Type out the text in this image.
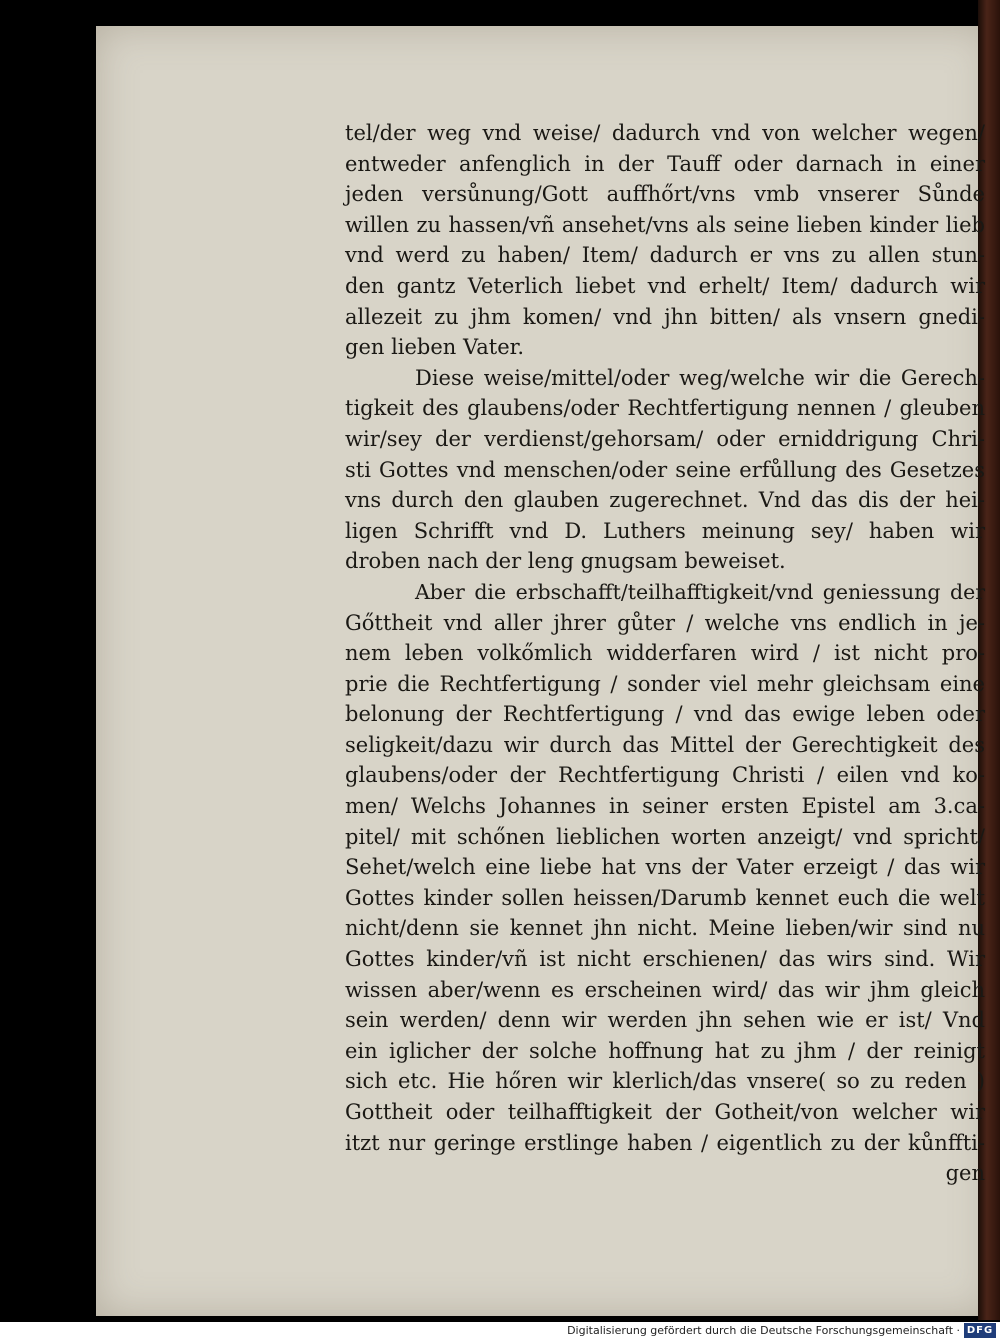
tel/der weg vnd weise/ dadurch vnd von welcher wegen/
entweder anfenglich in der Tauff oder darnach in einer
jeden versůnung/Gott auffhőrt/vns vmb vnserer Sůnde
willen zu hassen/vñ ansehet/vns als seine lieben kinder lieb
vnd werd zu haben/ Item/ dadurch er vns zu allen stun-
den gantz Veterlich liebet vnd erhelt/ Item/ dadurch wir
allezeit zu jhm komen/ vnd jhn bitten/ als vnsern gnedi-
gen lieben Vater.
Diese weise/mittel/oder weg/welche wir die Gerech-
tigkeit des glaubens/oder Rechtfertigung nennen / gleuben
wir/sey der verdienst/gehorsam/ oder erniddrigung Chri-
sti Gottes vnd menschen/oder seine erfůllung des Gesetzes
vns durch den glauben zugerechnet. Vnd das dis der hei-
ligen Schrifft vnd D. Luthers meinung sey/ haben wir
droben nach der leng gnugsam beweiset.
Aber die erbschafft/teilhafftigkeit/vnd geniessung der
Gőttheit vnd aller jhrer gůter / welche vns endlich in je-
nem leben volkőmlich widderfaren wird / ist nicht pro-
prie die Rechtfertigung / sonder viel mehr gleichsam eine
belonung der Rechtfertigung / vnd das ewige leben oder
seligkeit/dazu wir durch das Mittel der Gerechtigkeit des
glaubens/oder der Rechtfertigung Christi / eilen vnd ko-
men/ Welchs Johannes in seiner ersten Epistel am 3.ca-
pitel/ mit schőnen lieblichen worten anzeigt/ vnd spricht/
Sehet/welch eine liebe hat vns der Vater erzeigt / das wir
Gottes kinder sollen heissen/Darumb kennet euch die welt
nicht/denn sie kennet jhn nicht. Meine lieben/wir sind nu
Gottes kinder/vñ ist nicht erschienen/ das wirs sind. Wir
wissen aber/wenn es erscheinen wird/ das wir jhm gleich
sein werden/ denn wir werden jhn sehen wie er ist/ Vnd
ein iglicher der solche hoffnung hat zu jhm / der reinigt
sich etc. Hie hőren wir klerlich/das vnsere( so zu reden )
Gottheit oder teilhafftigkeit der Gotheit/von welcher wir
itzt nur geringe erstlinge haben / eigentlich zu der kůnffti-
gen
Digitalisierung gefördert durch die Deutsche Forschungsgemeinschaft · DFG
